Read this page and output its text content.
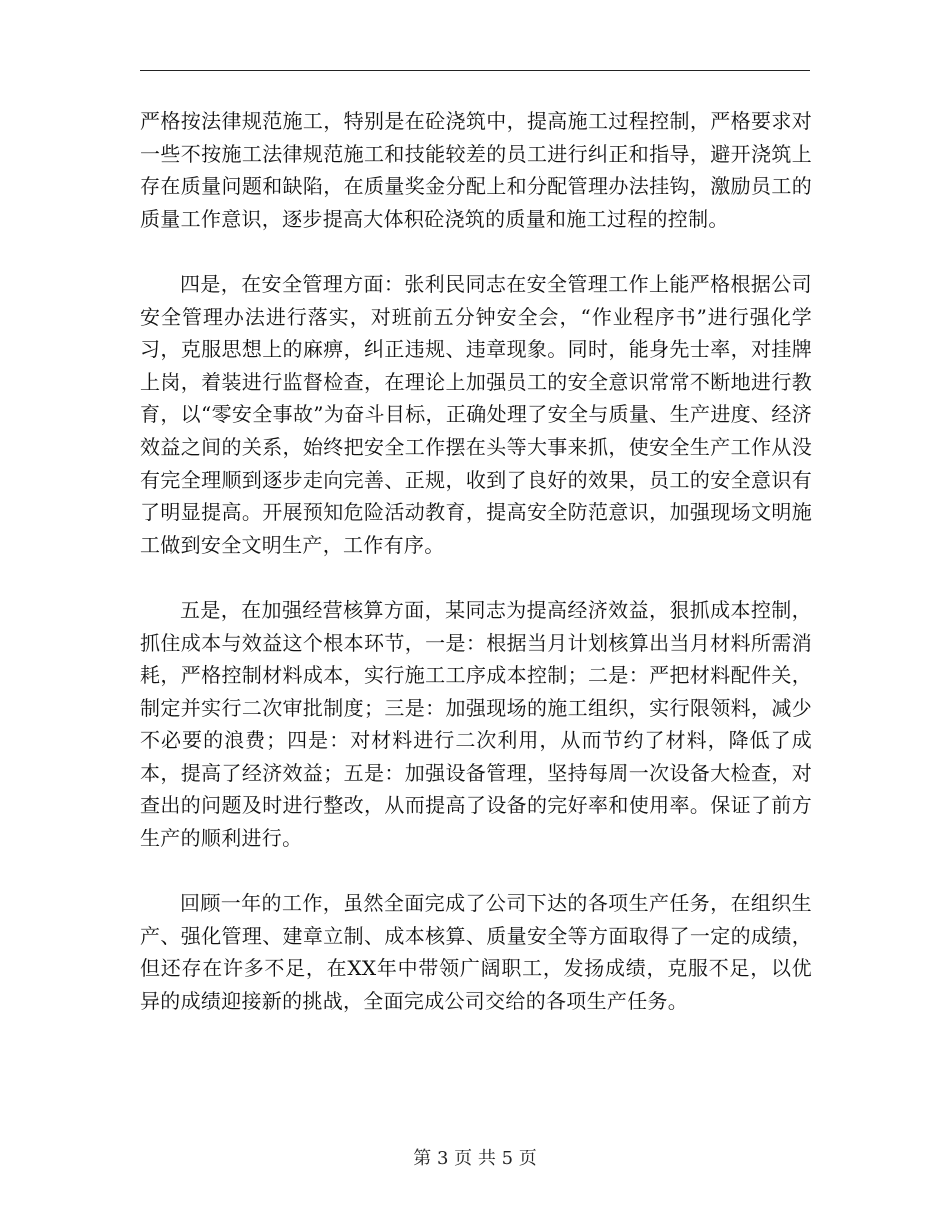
严格按法律规范施工，特别是在砼浇筑中，提高施工过程控制，严格要求对一些不按施工法律规范施工和技能较差的员工进行纠正和指导，避开浇筑上存在质量问题和缺陷，在质量奖金分配上和分配管理办法挂钩，激励员工的质量工作意识，逐步提高大体积砼浇筑的质量和施工过程的控制。

四是，在安全管理方面：张利民同志在安全管理工作上能严格根据公司安全管理办法进行落实，对班前五分钟安全会，“作业程序书”进行强化学习，克服思想上的麻痹，纠正违规、违章现象。同时，能身先士率，对挂牌上岗，着装进行监督检查，在理论上加强员工的安全意识常常不断地进行教育，以“零安全事故”为奋斗目标，正确处理了安全与质量、生产进度、经济效益之间的关系，始终把安全工作摆在头等大事来抓，使安全生产工作从没有完全理顺到逐步走向完善、正规，收到了良好的效果，员工的安全意识有了明显提高。开展预知危险活动教育，提高安全防范意识，加强现场文明施工做到安全文明生产，工作有序。

五是，在加强经营核算方面，某同志为提高经济效益，狠抓成本控制，抓住成本与效益这个根本环节，一是：根据当月计划核算出当月材料所需消耗，严格控制材料成本，实行施工工序成本控制；二是：严把材料配件关，制定并实行二次审批制度；三是：加强现场的施工组织，实行限领料，减少不必要的浪费；四是：对材料进行二次利用，从而节约了材料，降低了成本，提高了经济效益；五是：加强设备管理，坚持每周一次设备大检查，对查出的问题及时进行整改，从而提高了设备的完好率和使用率。保证了前方生产的顺利进行。

回顾一年的工作，虽然全面完成了公司下达的各项生产任务，在组织生产、强化管理、建章立制、成本核算、质量安全等方面取得了一定的成绩，但还存在许多不足，在XX年中带领广阔职工，发扬成绩，克服不足，以优异的成绩迎接新的挑战，全面完成公司交给的各项生产任务。

第 3 页 共 5 页
